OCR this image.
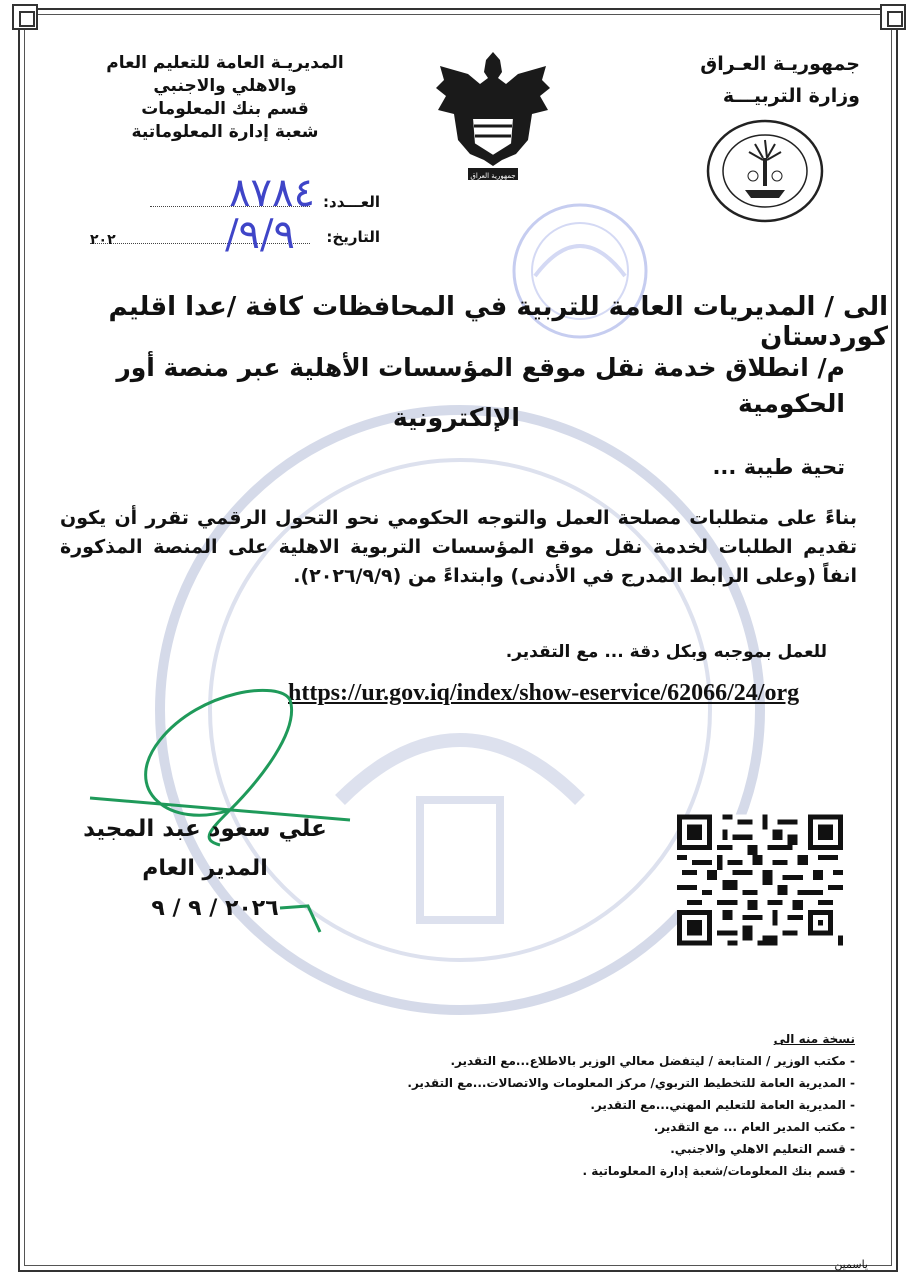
المديريـة العامة للتعليم العام
والاهلي والاجنبي
قسم بنك المعلومات
شعبة إدارة المعلوماتية
جمهورية العراق
جمهوريـة العـراق
وزارة التربيـــة
العـــدد:
٨٧٨٤
التاريخ:
٩/٩/
٢٠٢
الى / المديريات العامة للتربية في المحافظات كافة /عدا اقليم كوردستان
م/ انطلاق خدمة نقل موقع المؤسسات الأهلية عبر منصة أور الحكومية
الإلكترونية
تحية طيبة ...
بناءً على متطلبات مصلحة العمل والتوجه الحكومي نحو التحول الرقمي تقرر أن يكون تقديم الطلبات لخدمة نقل موقع المؤسسات التربوية الاهلية على المنصة المذكورة انفاً (وعلى الرابط المدرج في الأدنى) وابتداءً من (٢٠٢٦/٩/٩).
للعمل بموجبه وبكل دقة ... مع التقدير.
https://ur.gov.iq/index/show-eservice/62066/24/org
علي سعود عبد المجيد
المدير العام
٢٠٢٦ / ٩ / ٩
نسخة منه الى
- مكتب الوزير / المتابعة / ليتفضل معالي الوزير بالاطلاع...مع التقدير.
- المديرية العامة للتخطيط التربوي/ مركز المعلومات والاتصالات...مع التقدير.
- المديرية العامة للتعليم المهني...مع التقدير.
- مكتب المدير العام ... مع التقدير.
- قسم التعليم الاهلي والاجنبي.
- قسم بنك المعلومات/شعبة إدارة المعلوماتية .
ياسمين
